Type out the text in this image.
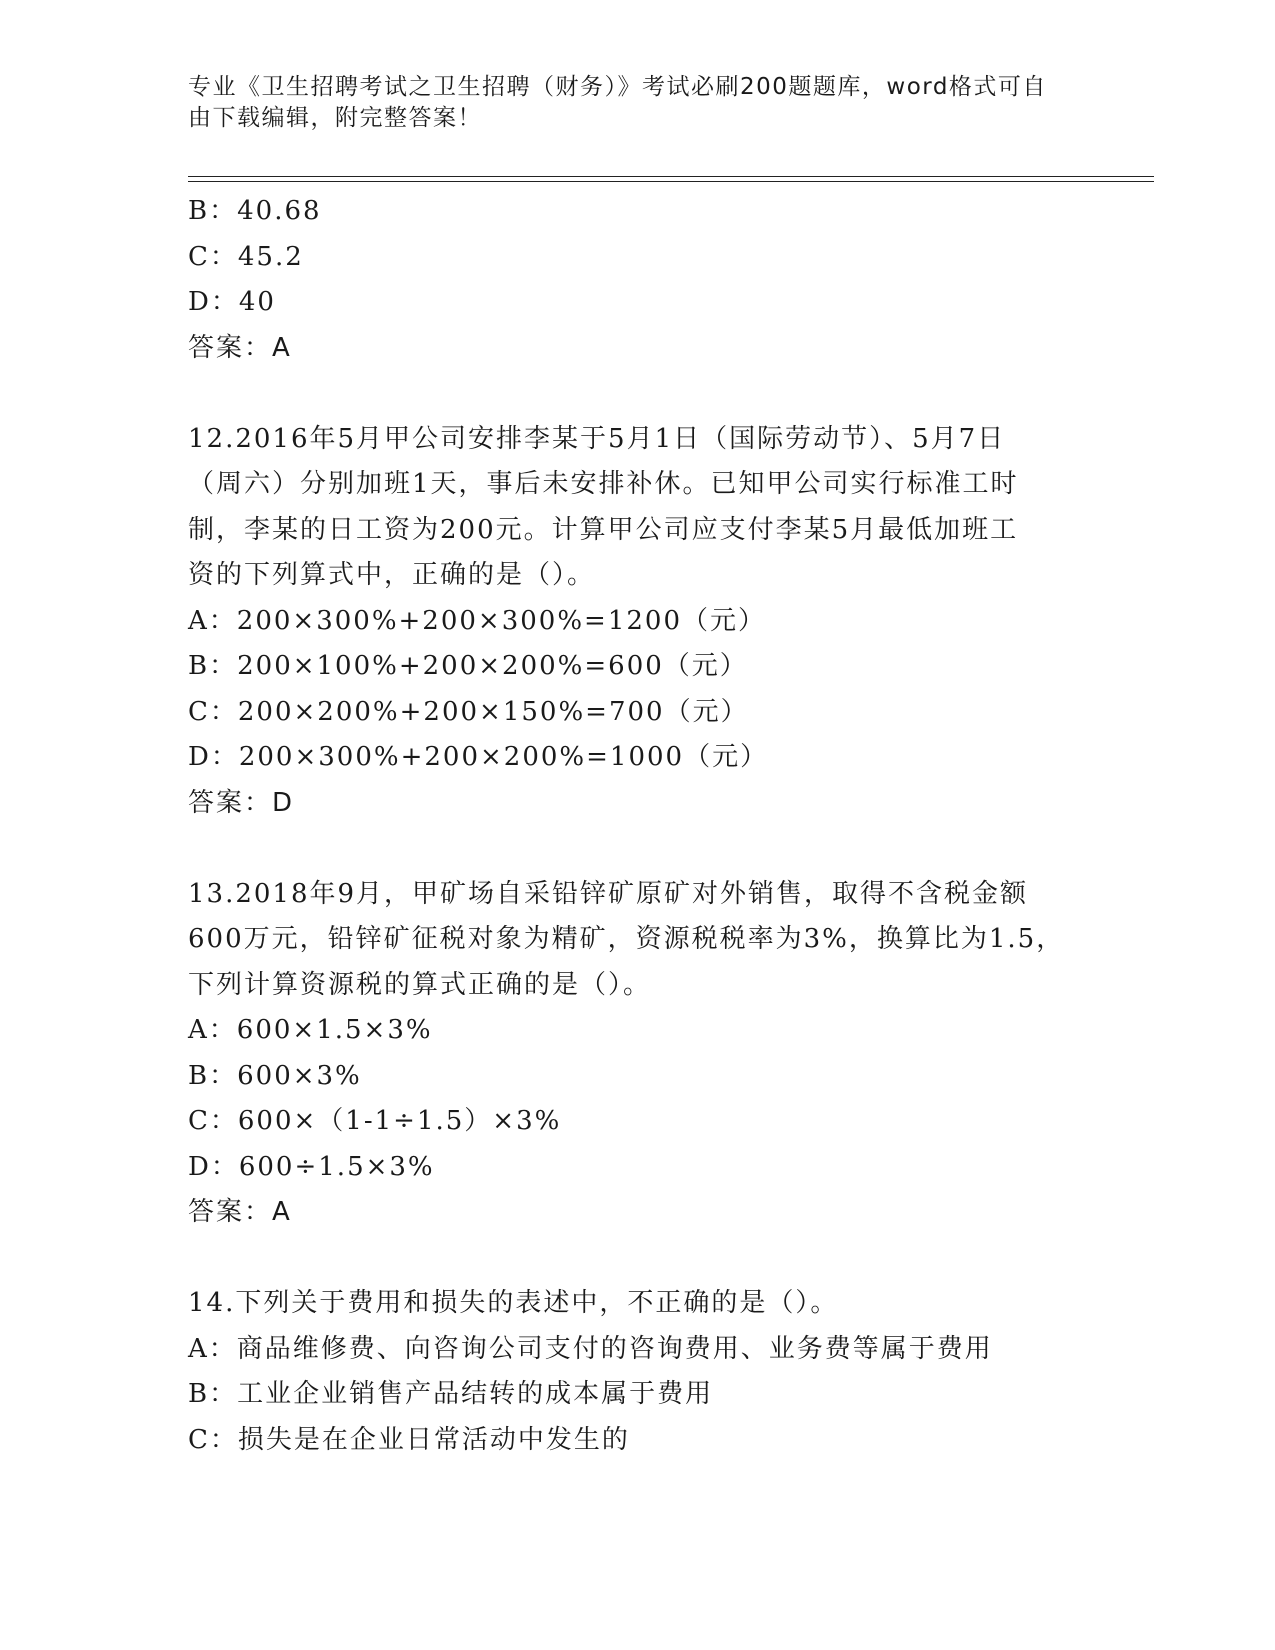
专业《卫生招聘考试之卫生招聘（财务）》考试必刷200题题库，word格式可自
由下载编辑，附完整答案！
B：40.68
C：45.2
D：40
答案：A
12.2016年5月甲公司安排李某于5月1日（国际劳动节）、5月7日
（周六）分别加班1天，事后未安排补休。已知甲公司实行标准工时
制，李某的日工资为200元。计算甲公司应支付李某5月最低加班工
资的下列算式中，正确的是（）。
A：200×300%+200×300%=1200（元）
B：200×100%+200×200%=600（元）
C：200×200%+200×150%=700（元）
D：200×300%+200×200%=1000（元）
答案：D
13.2018年9月，甲矿场自采铅锌矿原矿对外销售，取得不含税金额
600万元，铅锌矿征税对象为精矿，资源税税率为3%，换算比为1.5，
下列计算资源税的算式正确的是（）。
A：600×1.5×3%
B：600×3%
C：600×（1-1÷1.5）×3%
D：600÷1.5×3%
答案：A
14.下列关于费用和损失的表述中，不正确的是（）。
A：商品维修费、向咨询公司支付的咨询费用、业务费等属于费用
B：工业企业销售产品结转的成本属于费用
C：损失是在企业日常活动中发生的
